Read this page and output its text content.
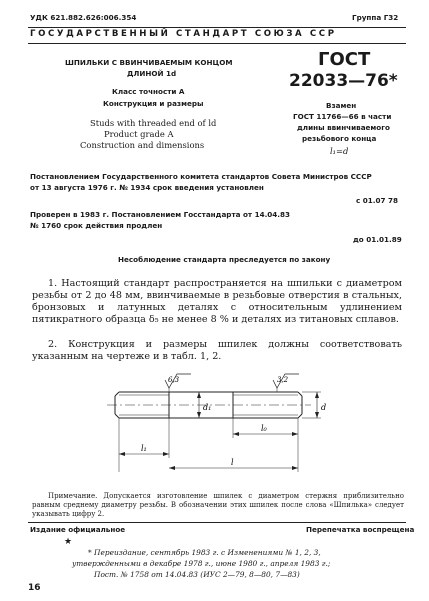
УДК 621.882.626:006.354	Группа Г32
ГОСУДАРСТВЕННЫЙ СТАНДАРТ СОЮЗА ССР
ШПИЛЬКИ С ВВИНЧИВАЕМЫМ КОНЦОМ
ДЛИНОЙ 1d
Класс точности А
Конструкция и размеры
Studs with threaded end of ld
Product grade A
Construction and dimensions
ГОСТ
22033—76*
Взамен
ГОСТ 11766—66 в части
длины ввинчиваемого
резьбового конца
l₁=d
Постановлением Государственного комитета стандартов Совета Министров СССР
от 13 августа 1976 г. № 1934 срок введения установлен
с 01.07 78
Проверен в 1983 г. Постановлением Госстандарта от 14.04.83
№ 1760 срок действия продлен
до 01.01.89
Несоблюдение стандарта преследуется по закону
1. Настоящий стандарт распространяется на шпильки с диаметром резьбы от 2 до 48 мм, ввинчиваемые в резьбовые отверстия в стальных, бронзовых и латунных деталях с относительным удлинением пятикратного образца δ₅ не менее 8 % и деталях из титановых сплавов.
2. Конструкция и размеры шпилек должны соответствовать указанным на чертеже и в табл. 1, 2.
6,3	3,2
d₁	d
l₀
l₁
l
Примечание. Допускается изготовление шпилек с диаметром стержня приблизительно равным среднему диаметру резьбы. В обозначении этих шпилек после слова «Шпилька» следует указывать цифру 2.
Издание официальное	Перепечатка воспрещена
★
* Переиздание, сентябрь 1983 г. с Изменениями № 1, 2, 3,
утвержденными в декабре 1978 г., июне 1980 г., апреля 1983 г.;
Пост. № 1758 от 14.04.83 (ИУС 2—79, 8—80, 7—83)
16
